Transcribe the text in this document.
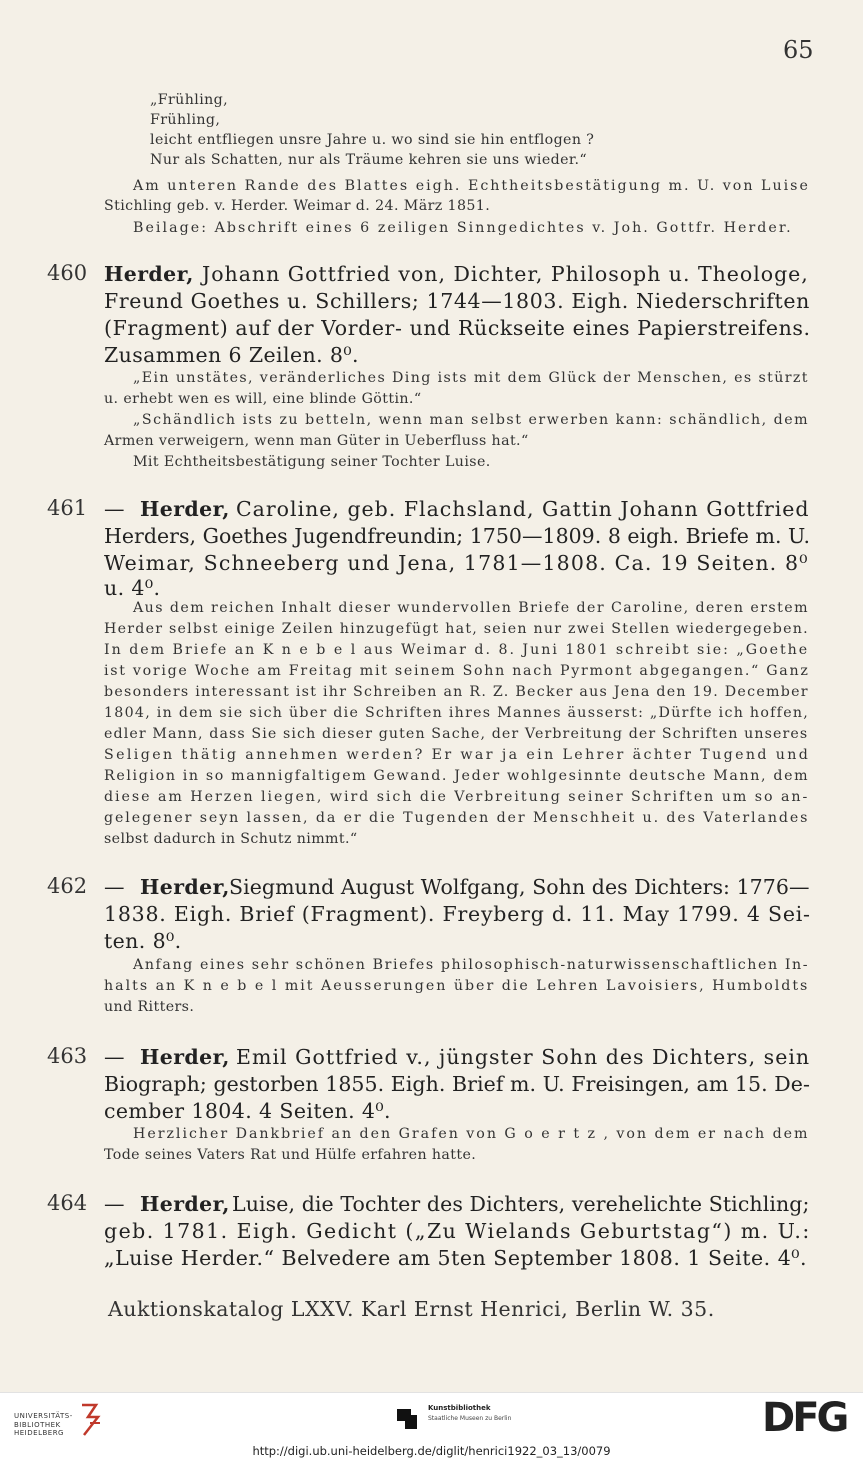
65
„Frühling,
Frühling,
leicht entfliegen unsre Jahre u. wo sind sie hin entflogen ?
Nur als Schatten, nur als Träume kehren sie uns wieder.“
Am unteren Rande des Blattes eigh. Echtheitsbestätigung m. U. von Luise
Stichling geb. v. Herder. Weimar d. 24. März 1851.
Beilage: Abschrift eines 6 zeiligen Sinngedichtes v. Joh. Gottfr. Herder.
Herder, Johann Gottfried von, Dichter, Philosoph u. Theologe,
Freund Goethes u. Schillers; 1744—1803. Eigh. Niederschriften
(Fragment) auf der Vorder- und Rückseite eines Papierstreifens.
Zusammen 6 Zeilen. 8⁰.
„Ein unstätes, veränderliches Ding ists mit dem Glück der Menschen, es stürzt
u. erhebt wen es will, eine blinde Göttin.“
„Schändlich ists zu betteln, wenn man selbst erwerben kann: schändlich, dem
Armen verweigern, wenn man Güter in Ueberfluss hat.“
Mit Echtheitsbestätigung seiner Tochter Luise.
— Herder, Caroline, geb. Flachsland, Gattin Johann Gottfried
Herders, Goethes Jugendfreundin; 1750—1809. 8 eigh. Briefe m. U.
Weimar, Schneeberg und Jena, 1781—1808. Ca. 19 Seiten. 8⁰
u. 4⁰.
Aus dem reichen Inhalt dieser wundervollen Briefe der Caroline, deren erstem
Herder selbst einige Zeilen hinzugefügt hat, seien nur zwei Stellen wiedergegeben.
In dem Briefe an K n e b e l aus Weimar d. 8. Juni 1801 schreibt sie: „Goethe
ist vorige Woche am Freitag mit seinem Sohn nach Pyrmont abgegangen.“ Ganz
besonders interessant ist ihr Schreiben an R. Z. Becker aus Jena den 19. December
1804, in dem sie sich über die Schriften ihres Mannes äusserst: „Dürfte ich hoffen,
edler Mann, dass Sie sich dieser guten Sache, der Verbreitung der Schriften unseres
Seligen thätig annehmen werden? Er war ja ein Lehrer ächter Tugend und
Religion in so mannigfaltigem Gewand. Jeder wohlgesinnte deutsche Mann, dem
diese am Herzen liegen, wird sich die Verbreitung seiner Schriften um so an-
gelegener seyn lassen, da er die Tugenden der Menschheit u. des Vaterlandes
selbst dadurch in Schutz nimmt.“
— Herder, Siegmund August Wolfgang, Sohn des Dichters: 1776—
1838. Eigh. Brief (Fragment). Freyberg d. 11. May 1799. 4 Sei-
ten. 8⁰.
Anfang eines sehr schönen Briefes philosophisch-naturwissenschaftlichen In-
halts an K n e b e l mit Aeusserungen über die Lehren Lavoisiers, Humboldts
und Ritters.
— Herder, Emil Gottfried v., jüngster Sohn des Dichters, sein
Biograph; gestorben 1855. Eigh. Brief m. U. Freisingen, am 15. De-
cember 1804. 4 Seiten. 4⁰.
Herzlicher Dankbrief an den Grafen von G o e r t z , von dem er nach dem
Tode seines Vaters Rat und Hülfe erfahren hatte.
— Herder, Luise, die Tochter des Dichters, verehelichte Stichling;
geb. 1781. Eigh. Gedicht („Zu Wielands Geburtstag“) m. U.:
„Luise Herder.“ Belvedere am 5ten September 1808. 1 Seite. 4⁰.
460
461
462
463
464
Auktionskatalog LXXV. Karl Ernst Henrici, Berlin W. 35.
UNIVERSITÄTS-
BIBLIOTHEK
HEIDELBERG
Kunstbibliothek
Staatliche Museen zu Berlin	DFG
http://digi.ub.uni-heidelberg.de/diglit/henrici1922_03_13/0079
